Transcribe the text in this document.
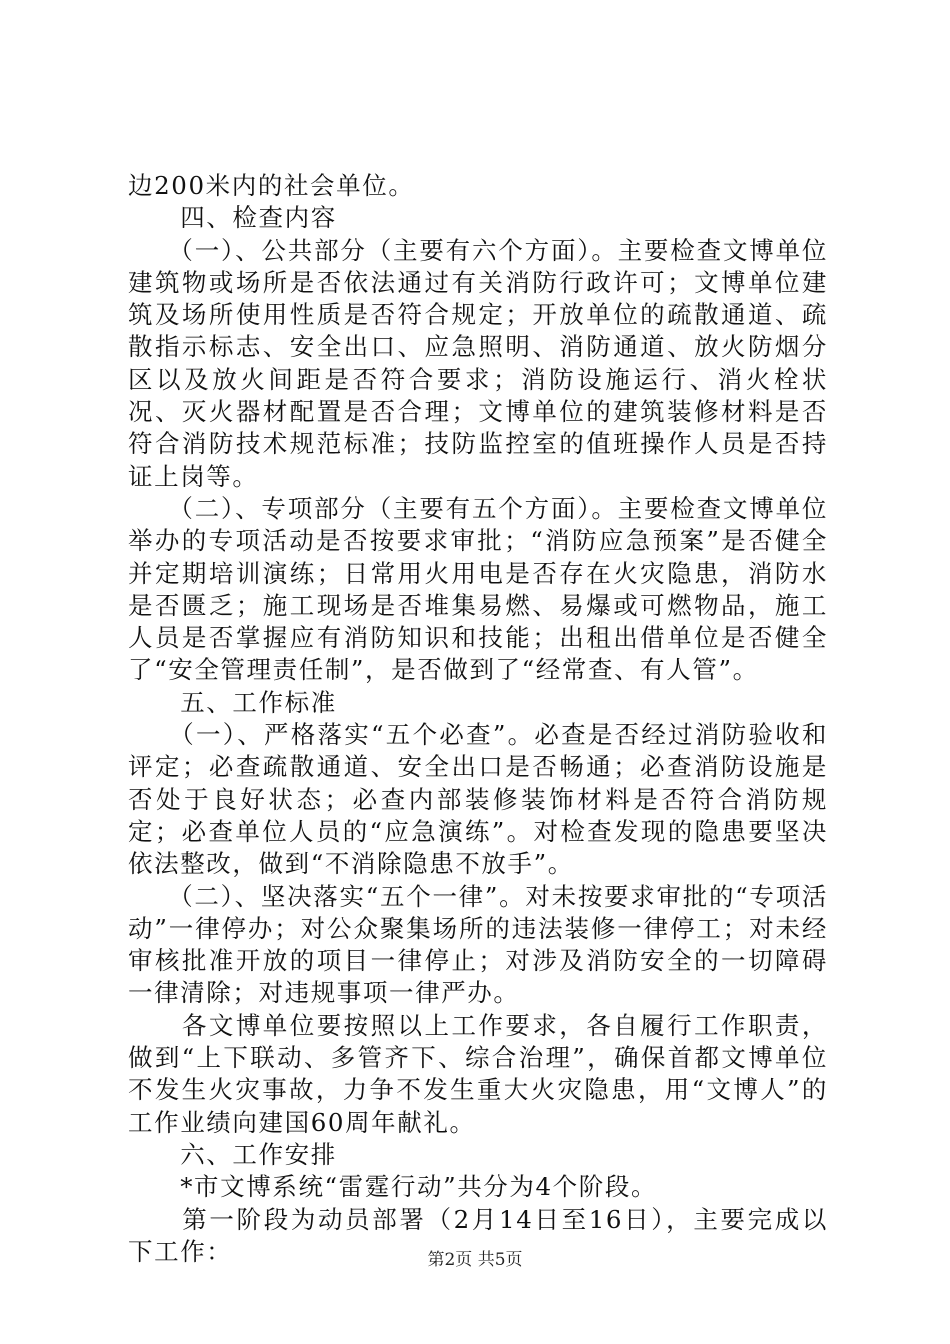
边200米内的社会单位。

　　四、检查内容

　　（一）、公共部分（主要有六个方面）。主要检查文博单位建筑物或场所是否依法通过有关消防行政许可；文博单位建筑及场所使用性质是否符合规定；开放单位的疏散通道、疏散指示标志、安全出口、应急照明、消防通道、放火防烟分区以及放火间距是否符合要求；消防设施运行、消火栓状况、灭火器材配置是否合理；文博单位的建筑装修材料是否符合消防技术规范标准；技防监控室的值班操作人员是否持证上岗等。

　　（二）、专项部分（主要有五个方面）。主要检查文博单位举办的专项活动是否按要求审批；“消防应急预案”是否健全并定期培训演练；日常用火用电是否存在火灾隐患，消防水是否匮乏；施工现场是否堆集易燃、易爆或可燃物品，施工人员是否掌握应有消防知识和技能；出租出借单位是否健全了“安全管理责任制”，是否做到了“经常查、有人管”。

　　五、工作标准

　　（一）、严格落实“五个必查”。必查是否经过消防验收和评定；必查疏散通道、安全出口是否畅通；必查消防设施是否处于良好状态；必查内部装修装饰材料是否符合消防规定；必查单位人员的“应急演练”。对检查发现的隐患要坚决依法整改，做到“不消除隐患不放手”。

　　（二）、坚决落实“五个一律”。对未按要求审批的“专项活动”一律停办；对公众聚集场所的违法装修一律停工；对未经审核批准开放的项目一律停止；对涉及消防安全的一切障碍一律清除；对违规事项一律严办。

　　各文博单位要按照以上工作要求，各自履行工作职责，做到“上下联动、多管齐下、综合治理”，确保首都文博单位不发生火灾事故，力争不发生重大火灾隐患，用“文博人”的工作业绩向建国60周年献礼。

　　六、工作安排

　　*市文博系统“雷霆行动”共分为4个阶段。

　　第一阶段为动员部署（2月14日至16日），主要完成以下工作：	第2页 共5页
